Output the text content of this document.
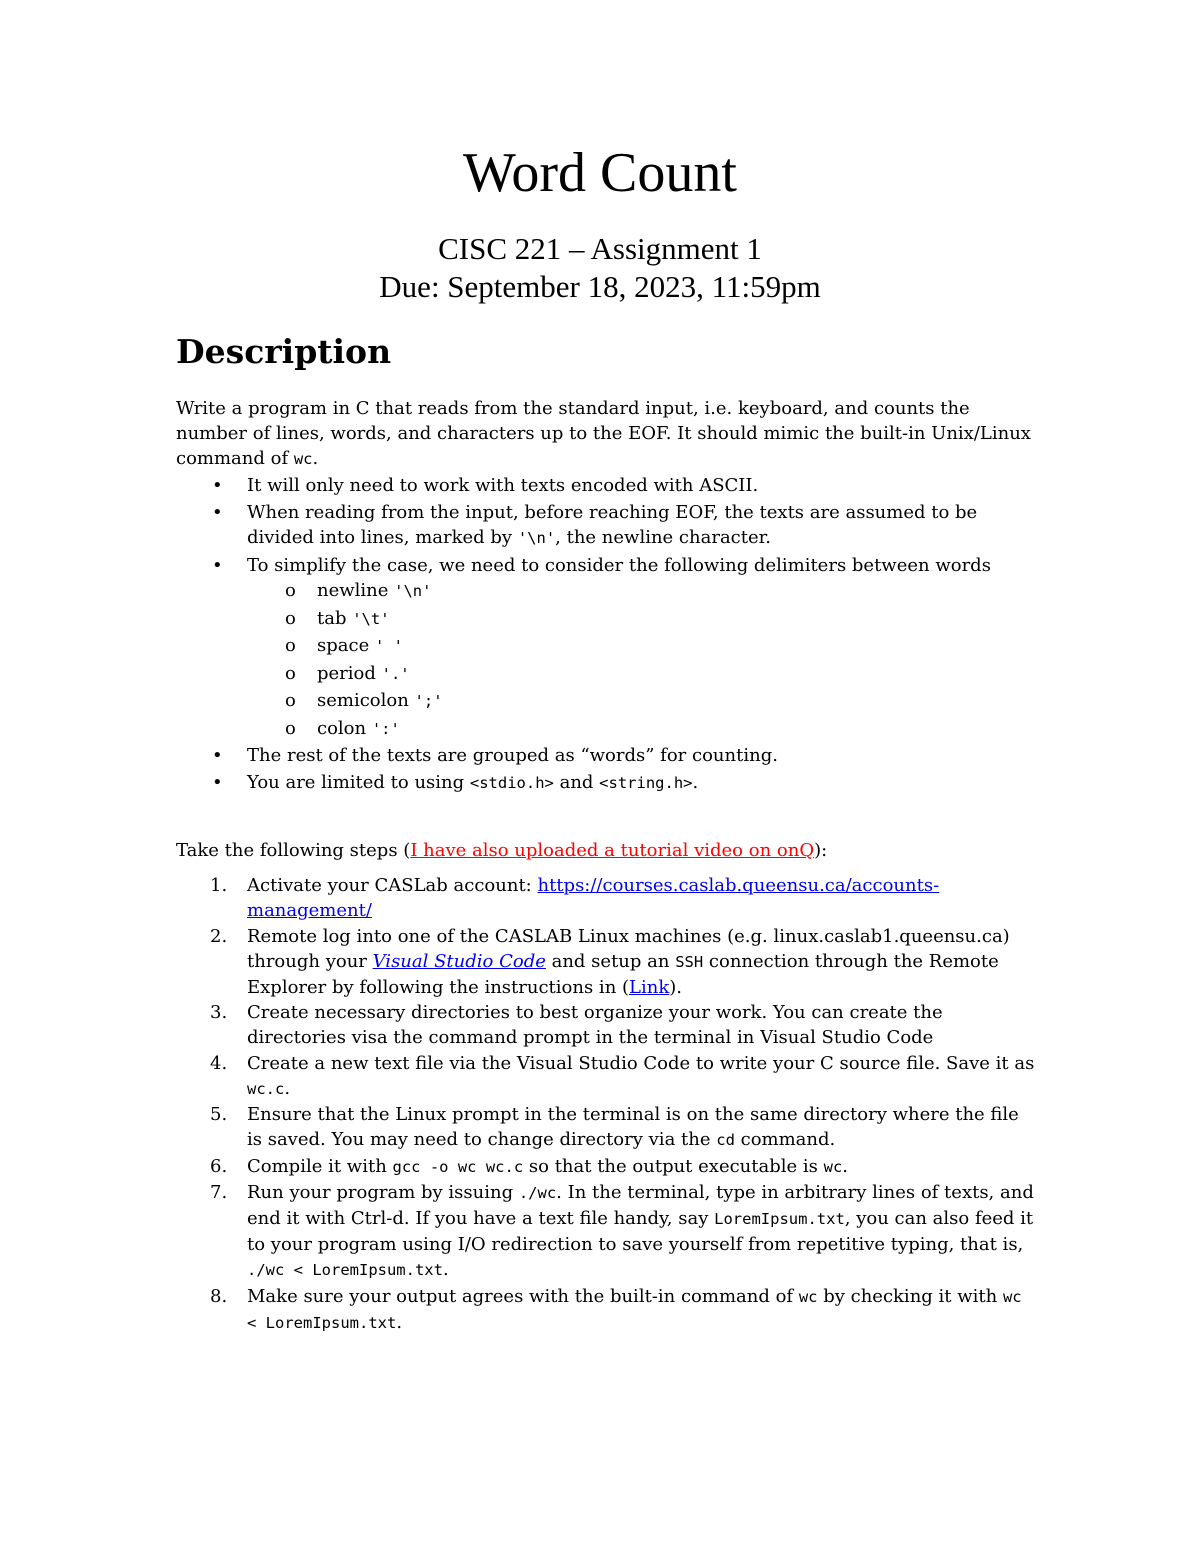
Word Count
CISC 221 – Assignment 1
Due: September 18, 2023, 11:59pm
Description

Write a program in C that reads from the standard input, i.e. keyboard, and counts the number of lines, words, and characters up to the EOF. It should mimic the built-in Unix/Linux command of wc.

• It will only need to work with texts encoded with ASCII.
• When reading from the input, before reaching EOF, the texts are assumed to be divided into lines, marked by '\n', the newline character.
• To simplify the case, we need to consider the following delimiters between words
o newline '\n'
o tab '\t'
o space ' '
o period '.'
o semicolon ';'
o colon ':'
• The rest of the texts are grouped as “words” for counting.
• You are limited to using <stdio.h> and <string.h>.
Take the following steps (I have also uploaded a tutorial video on onQ):
1. Activate your CASLab account: https://courses.caslab.queensu.ca/accounts-management/
2. Remote log into one of the CASLAB Linux machines (e.g. linux.caslab1.queensu.ca) through your Visual Studio Code and setup an SSH connection through the Remote Explorer by following the instructions in (Link).
3. Create necessary directories to best organize your work. You can create the directories visa the command prompt in the terminal in Visual Studio Code
4. Create a new text file via the Visual Studio Code to write your C source file. Save it as wc.c.
5. Ensure that the Linux prompt in the terminal is on the same directory where the file is saved. You may need to change directory via the cd command.
6. Compile it with gcc -o wc wc.c so that the output executable is wc.
7. Run your program by issuing ./wc. In the terminal, type in arbitrary lines of texts, and end it with Ctrl-d. If you have a text file handy, say LoremIpsum.txt, you can also feed it to your program using I/O redirection to save yourself from repetitive typing, that is, ./wc < LoremIpsum.txt.
8. Make sure your output agrees with the built-in command of wc by checking it with wc < LoremIpsum.txt.
